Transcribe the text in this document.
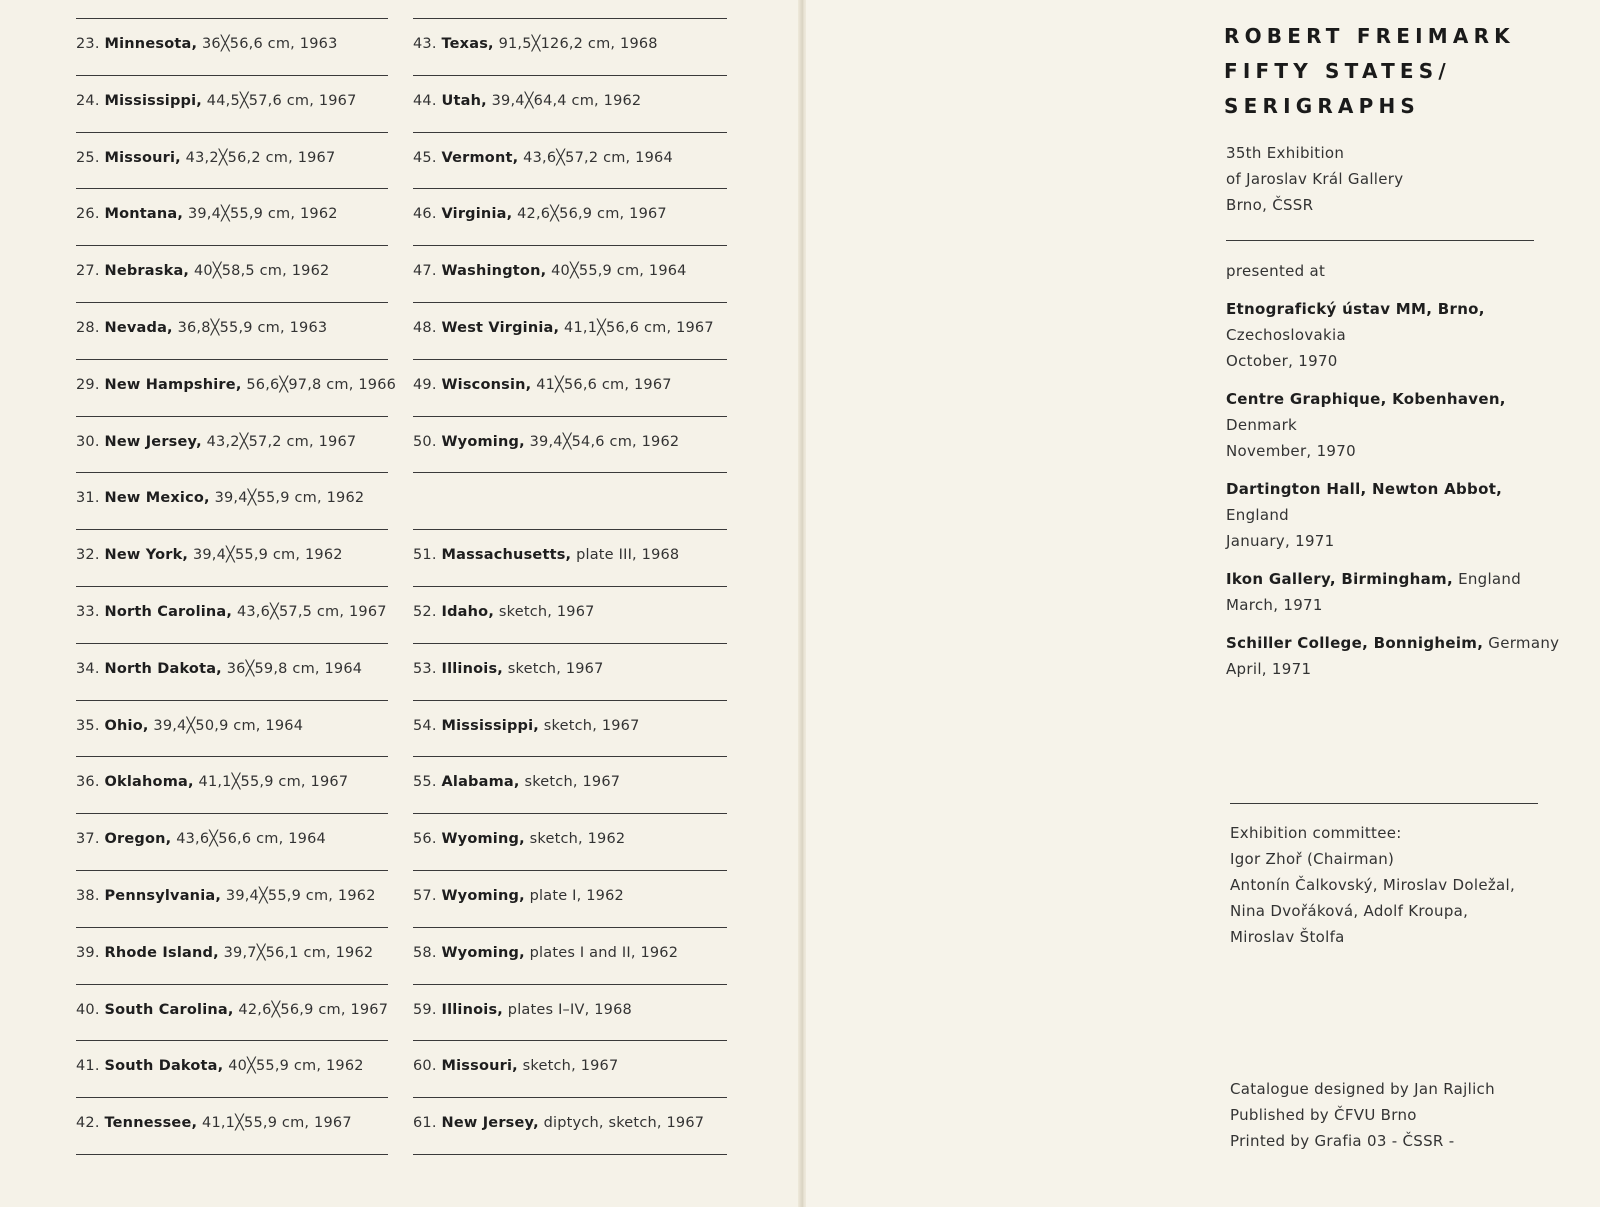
23. Minnesota, 36╳56,6 cm, 1963
24. Mississippi, 44,5╳57,6 cm, 1967
25. Missouri, 43,2╳56,2 cm, 1967
26. Montana, 39,4╳55,9 cm, 1962
27. Nebraska, 40╳58,5 cm, 1962
28. Nevada, 36,8╳55,9 cm, 1963
29. New Hampshire, 56,6╳97,8 cm, 1966
30. New Jersey, 43,2╳57,2 cm, 1967
31. New Mexico, 39,4╳55,9 cm, 1962
32. New York, 39,4╳55,9 cm, 1962
33. North Carolina, 43,6╳57,5 cm, 1967
34. North Dakota, 36╳59,8 cm, 1964
35. Ohio, 39,4╳50,9 cm, 1964
36. Oklahoma, 41,1╳55,9 cm, 1967
37. Oregon, 43,6╳56,6 cm, 1964
38. Pennsylvania, 39,4╳55,9 cm, 1962
39. Rhode Island, 39,7╳56,1 cm, 1962
40. South Carolina, 42,6╳56,9 cm, 1967
41. South Dakota, 40╳55,9 cm, 1962
42. Tennessee, 41,1╳55,9 cm, 1967
43. Texas, 91,5╳126,2 cm, 1968
44. Utah, 39,4╳64,4 cm, 1962
45. Vermont, 43,6╳57,2 cm, 1964
46. Virginia, 42,6╳56,9 cm, 1967
47. Washington, 40╳55,9 cm, 1964
48. West Virginia, 41,1╳56,6 cm, 1967
49. Wisconsin, 41╳56,6 cm, 1967
50. Wyoming, 39,4╳54,6 cm, 1962
51. Massachusetts, plate III, 1968
52. Idaho, sketch, 1967
53. Illinois, sketch, 1967
54. Mississippi, sketch, 1967
55. Alabama, sketch, 1967
56. Wyoming, sketch, 1962
57. Wyoming, plate I, 1962
58. Wyoming, plates I and II, 1962
59. Illinois, plates I–IV, 1968
60. Missouri, sketch, 1967
61. New Jersey, diptych, sketch, 1967
ROBERT FREIMARK
FIFTY STATES/
SERIGRAPHS
35th Exhibition
of Jaroslav Král Gallery
Brno, ČSSR
presented at
Etnografický ústav MM, Brno,
Czechoslovakia
October, 1970
Centre Graphique, Kobenhaven,
Denmark
November, 1970
Dartington Hall, Newton Abbot,
England
January, 1971
Ikon Gallery, Birmingham, England
March, 1971
Schiller College, Bonnigheim, Germany
April, 1971
Exhibition committee:
Igor Zhoř (Chairman)
Antonín Čalkovský, Miroslav Doležal,
Nina Dvořáková, Adolf Kroupa,
Miroslav Štolfa
Catalogue designed by Jan Rajlich
Published by ČFVU Brno
Printed by Grafia 03 - ČSSR -
